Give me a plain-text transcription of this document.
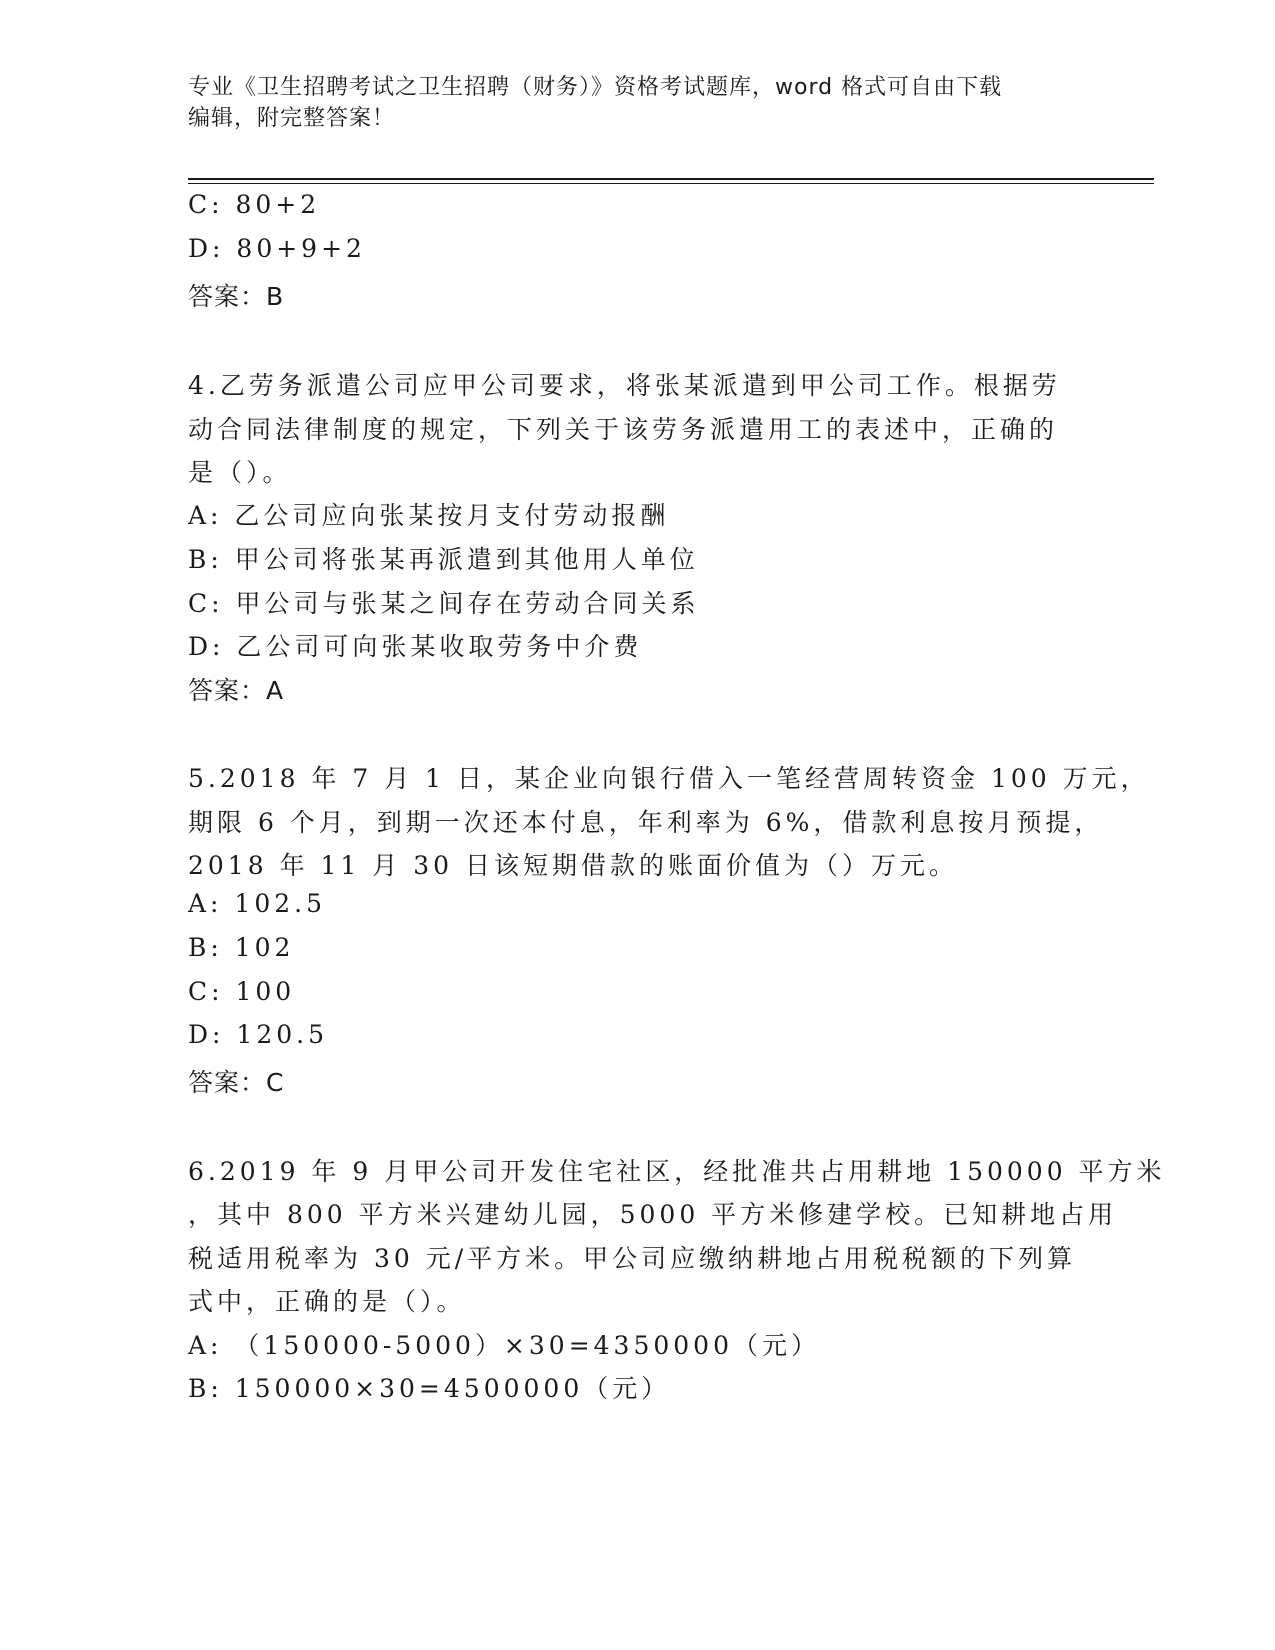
专业《卫生招聘考试之卫生招聘（财务）》资格考试题库，word 格式可自由下载
编辑，附完整答案！
C: 80+2
D: 80+9+2
答案：B
4.乙劳务派遣公司应甲公司要求，将张某派遣到甲公司工作。根据劳
动合同法律制度的规定，下列关于该劳务派遣用工的表述中，正确的
是（）。
A: 乙公司应向张某按月支付劳动报酬
B: 甲公司将张某再派遣到其他用人单位
C: 甲公司与张某之间存在劳动合同关系
D: 乙公司可向张某收取劳务中介费
答案：A
5.2018 年 7 月 1 日，某企业向银行借入一笔经营周转资金 100 万元，
期限 6 个月，到期一次还本付息，年利率为 6%，借款利息按月预提，
2018 年 11 月 30 日该短期借款的账面价值为（）万元。
A: 102.5
B: 102
C: 100
D: 120.5
答案：C
6.2019 年 9 月甲公司开发住宅社区，经批准共占用耕地 150000 平方米
，其中 800 平方米兴建幼儿园，5000 平方米修建学校。已知耕地占用
税适用税率为 30 元/平方米。甲公司应缴纳耕地占用税税额的下列算
式中，正确的是（）。
A: （150000-5000）×30=4350000（元）
B: 150000×30=4500000（元）
